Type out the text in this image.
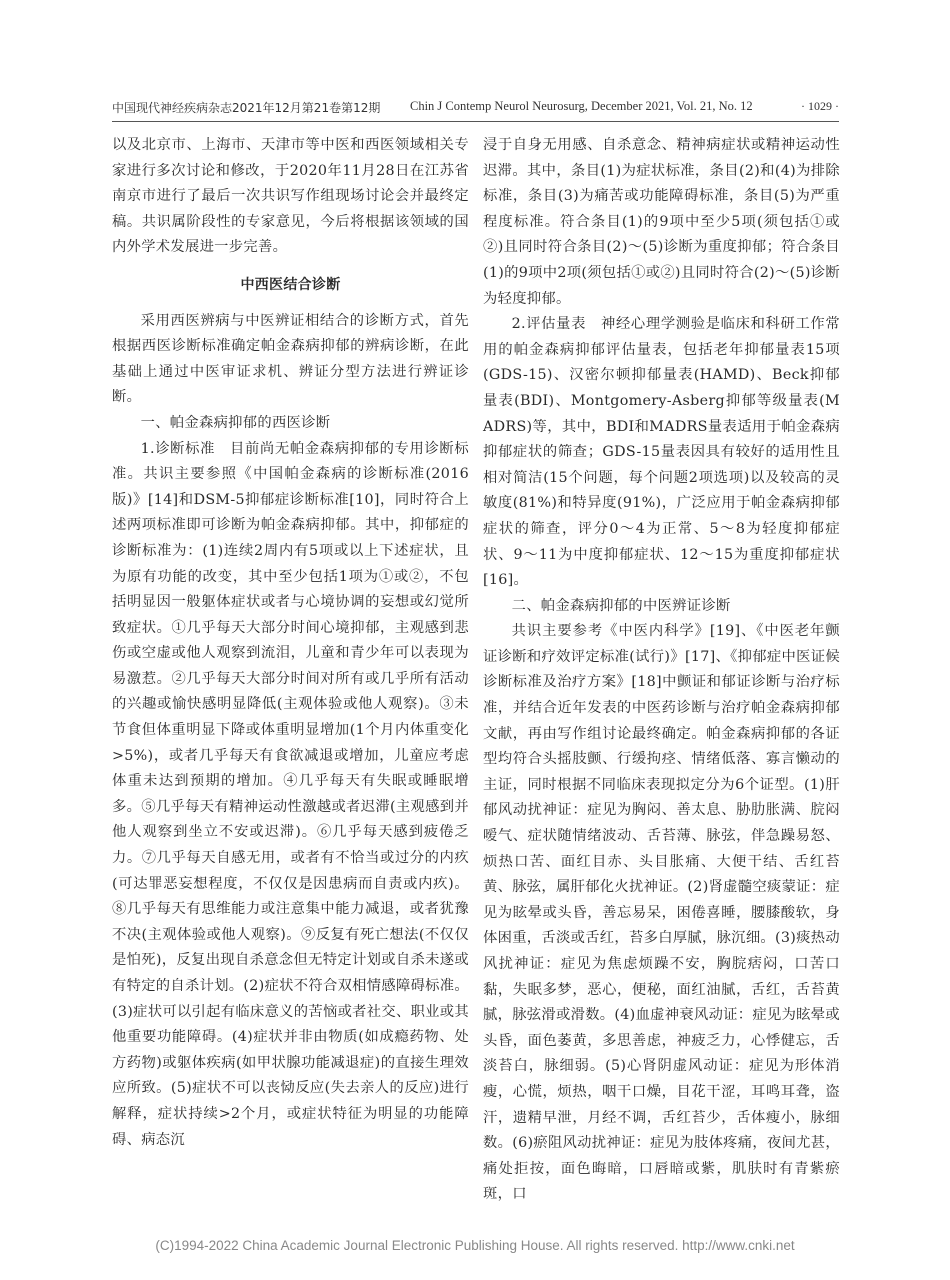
中国现代神经疾病杂志2021年12月第21卷第12期 Chin J Contemp Neurol Neurosurg, December 2021, Vol. 21, No. 12	· 1029 ·

以及北京市、上海市、天津市等中医和西医领域相关专家进行多次讨论和修改，于2020年11月28日在江苏省南京市进行了最后一次共识写作组现场讨论会并最终定稿。共识属阶段性的专家意见，今后将根据该领域的国内外学术发展进一步完善。

中西医结合诊断

采用西医辨病与中医辨证相结合的诊断方式，首先根据西医诊断标准确定帕金森病抑郁的辨病诊断，在此基础上通过中医审证求机、辨证分型方法进行辨证诊断。

一、帕金森病抑郁的西医诊断

1.诊断标准　目前尚无帕金森病抑郁的专用诊断标准。共识主要参照《中国帕金森病的诊断标准(2016版)》[14]和DSM-5抑郁症诊断标准[10]，同时符合上述两项标准即可诊断为帕金森病抑郁。其中，抑郁症的诊断标准为：(1)连续2周内有5项或以上下述症状，且为原有功能的改变，其中至少包括1项为①或②，不包括明显因一般躯体症状或者与心境协调的妄想或幻觉所致症状。①几乎每天大部分时间心境抑郁，主观感到悲伤或空虚或他人观察到流泪，儿童和青少年可以表现为易激惹。②几乎每天大部分时间对所有或几乎所有活动的兴趣或愉快感明显降低(主观体验或他人观察)。③未节食但体重明显下降或体重明显增加(1个月内体重变化>5%)，或者几乎每天有食欲减退或增加，儿童应考虑体重未达到预期的增加。④几乎每天有失眠或睡眠增多。⑤几乎每天有精神运动性激越或者迟滞(主观感到并他人观察到坐立不安或迟滞)。⑥几乎每天感到疲倦乏力。⑦几乎每天自感无用，或者有不恰当或过分的内疚(可达罪恶妄想程度，不仅仅是因患病而自责或内疚)。⑧几乎每天有思维能力或注意集中能力减退，或者犹豫不决(主观体验或他人观察)。⑨反复有死亡想法(不仅仅是怕死)，反复出现自杀意念但无特定计划或自杀未遂或有特定的自杀计划。(2)症状不符合双相情感障碍标准。(3)症状可以引起有临床意义的苦恼或者社交、职业或其他重要功能障碍。(4)症状并非由物质(如成瘾药物、处方药物)或躯体疾病(如甲状腺功能减退症)的直接生理效应所致。(5)症状不可以丧恸反应(失去亲人的反应)进行解释，症状持续>2个月，或症状特征为明显的功能障碍、病态沉

浸于自身无用感、自杀意念、精神病症状或精神运动性迟滞。其中，条目(1)为症状标准，条目(2)和(4)为排除标准，条目(3)为痛苦或功能障碍标准，条目(5)为严重程度标准。符合条目(1)的9项中至少5项(须包括①或②)且同时符合条目(2)～(5)诊断为重度抑郁；符合条目(1)的9项中2项(须包括①或②)且同时符合(2)～(5)诊断为轻度抑郁。

2.评估量表　神经心理学测验是临床和科研工作常用的帕金森病抑郁评估量表，包括老年抑郁量表15项(GDS-15)、汉密尔顿抑郁量表(HAMD)、Beck抑郁量表(BDI)、Montgomery-Asberg抑郁等级量表(MADRS)等，其中，BDI和MADRS量表适用于帕金森病抑郁症状的筛查；GDS-15量表因具有较好的适用性且相对简洁(15个问题，每个问题2项选项)以及较高的灵敏度(81%)和特异度(91%)，广泛应用于帕金森病抑郁症状的筛查，评分0～4为正常、5～8为轻度抑郁症状、9～11为中度抑郁症状、12～15为重度抑郁症状[16]。

二、帕金森病抑郁的中医辨证诊断

共识主要参考《中医内科学》[19]、《中医老年颤证诊断和疗效评定标准(试行)》[17]、《抑郁症中医证候诊断标准及治疗方案》[18]中颤证和郁证诊断与治疗标准，并结合近年发表的中医药诊断与治疗帕金森病抑郁文献，再由写作组讨论最终确定。帕金森病抑郁的各证型均符合头摇肢颤、行缓拘痉、情绪低落、寡言懒动的主证，同时根据不同临床表现拟定分为6个证型。(1)肝郁风动扰神证：症见为胸闷、善太息、胁肋胀满、脘闷嗳气、症状随情绪波动、舌苔薄、脉弦，伴急躁易怒、烦热口苦、面红目赤、头目胀痛、大便干结、舌红苔黄、脉弦，属肝郁化火扰神证。(2)肾虚髓空痰蒙证：症见为眩晕或头昏，善忘易呆，困倦喜睡，腰膝酸软，身体困重，舌淡或舌红，苔多白厚腻，脉沉细。(3)痰热动风扰神证：症见为焦虑烦躁不安，胸脘痞闷，口苦口黏，失眠多梦，恶心，便秘，面红油腻，舌红，舌苔黄腻，脉弦滑或滑数。(4)血虚神衰风动证：症见为眩晕或头昏，面色萎黄，多思善虑，神疲乏力，心悸健忘，舌淡苔白，脉细弱。(5)心肾阴虚风动证：症见为形体消瘦，心慌，烦热，咽干口燥，目花干涩，耳鸣耳聋，盗汗，遗精早泄，月经不调，舌红苔少，舌体瘦小，脉细数。(6)瘀阻风动扰神证：症见为肢体疼痛，夜间尤甚，痛处拒按，面色晦暗，口唇暗或紫，肌肤时有青紫瘀斑，口

(C)1994-2022 China Academic Journal Electronic Publishing House. All rights reserved. http://www.cnki.net
